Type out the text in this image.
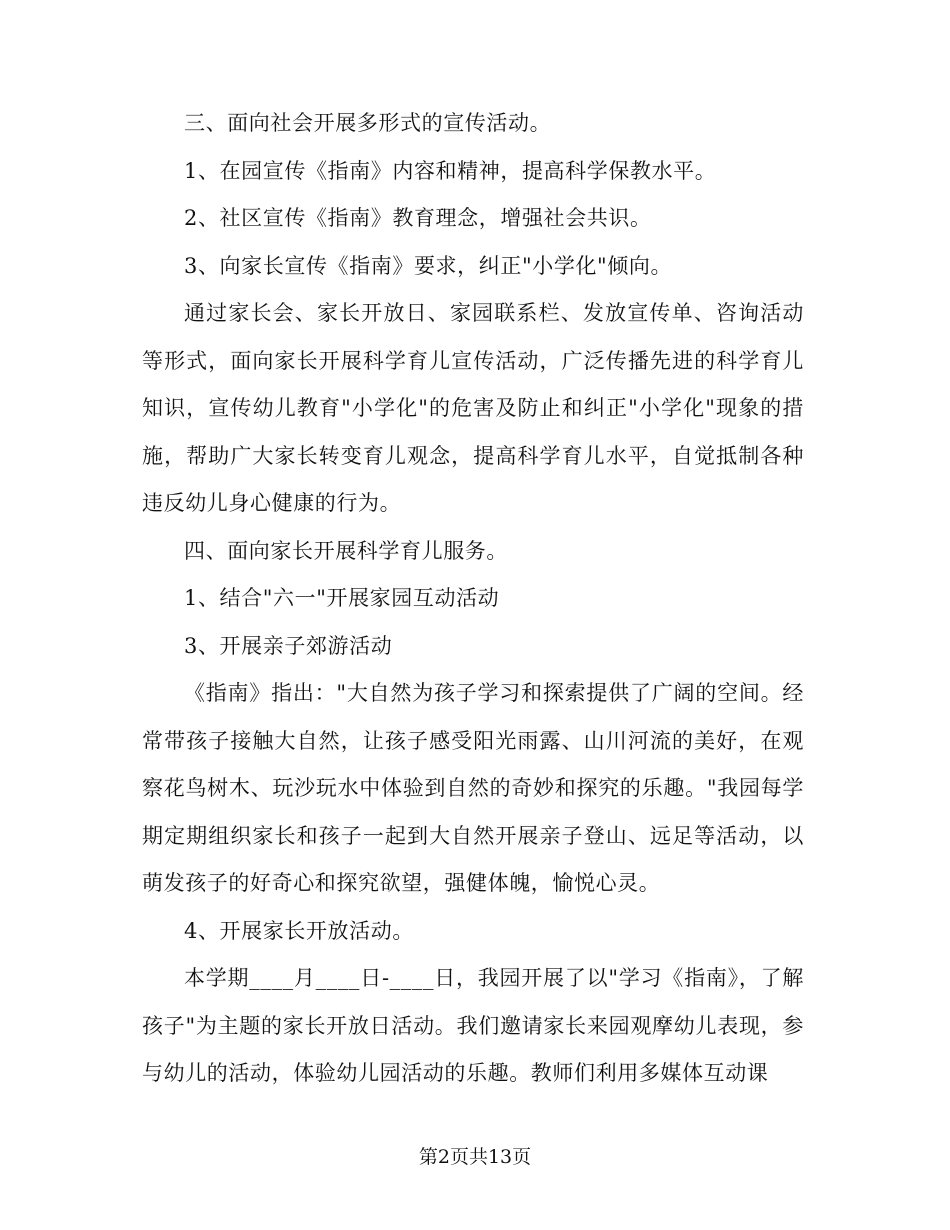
三、面向社会开展多形式的宣传活动。

1、在园宣传《指南》内容和精神，提高科学保教水平。

2、社区宣传《指南》教育理念，增强社会共识。

3、向家长宣传《指南》要求，纠正"小学化"倾向。

通过家长会、家长开放日、家园联系栏、发放宣传单、咨询活动等形式，面向家长开展科学育儿宣传活动，广泛传播先进的科学育儿知识，宣传幼儿教育"小学化"的危害及防止和纠正"小学化"现象的措施，帮助广大家长转变育儿观念，提高科学育儿水平，自觉抵制各种违反幼儿身心健康的行为。

四、面向家长开展科学育儿服务。

1、结合"六一"开展家园互动活动

3、开展亲子郊游活动

《指南》指出："大自然为孩子学习和探索提供了广阔的空间。经常带孩子接触大自然，让孩子感受阳光雨露、山川河流的美好，在观察花鸟树木、玩沙玩水中体验到自然的奇妙和探究的乐趣。"我园每学期定期组织家长和孩子一起到大自然开展亲子登山、远足等活动，以萌发孩子的好奇心和探究欲望，强健体魄，愉悦心灵。

4、开展家长开放活动。

本学期____月____日-____日，我园开展了以"学习《指南》，了解孩子"为主题的家长开放日活动。我们邀请家长来园观摩幼儿表现，参与幼儿的活动，体验幼儿园活动的乐趣。教师们利用多媒体互动课

第2页共13页
